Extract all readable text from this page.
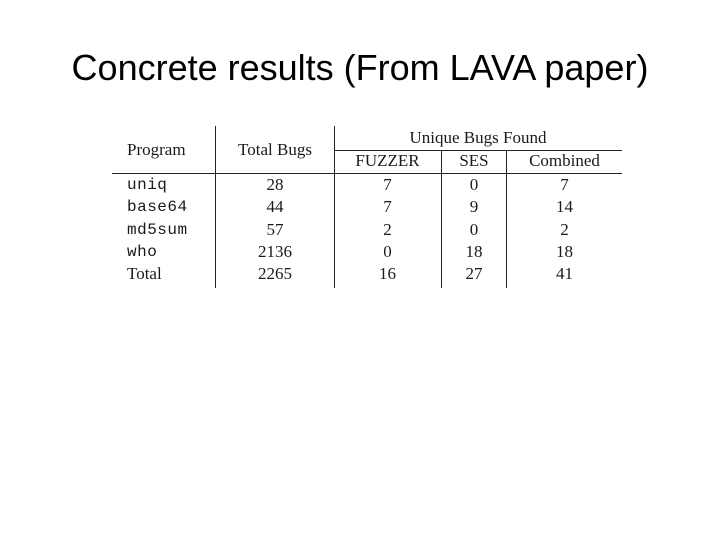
Concrete results (From LAVA paper)
Program	Total Bugs
Unique Bugs Found
FUZZER	SES	Combined
uniq	28	7	0	7
base64	44	7	9	14
md5sum	57	2	0	2
who	2136	0	18	18
Total	2265	16	27	41
